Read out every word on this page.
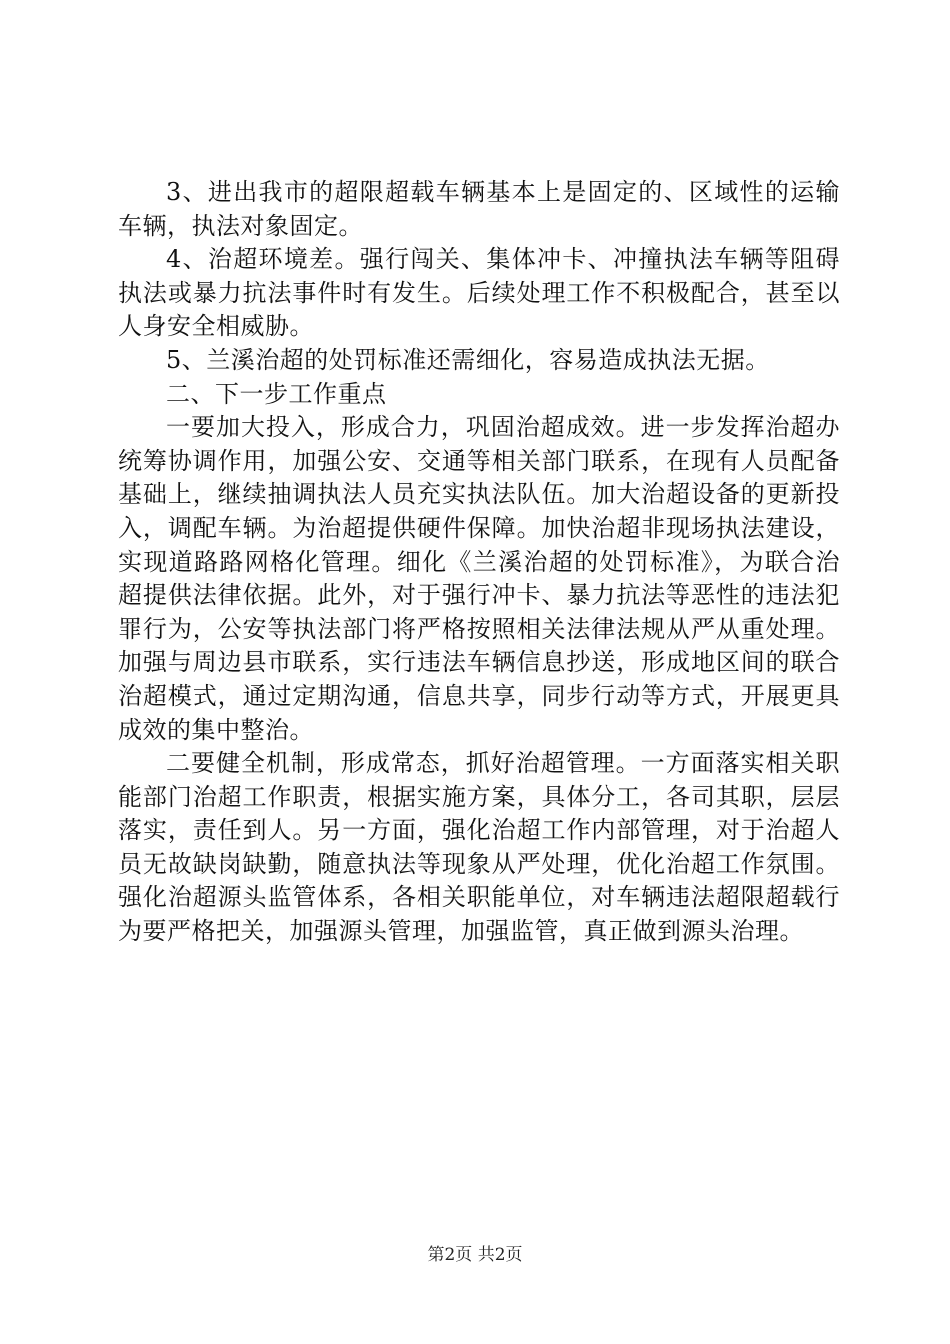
3、进出我市的超限超载车辆基本上是固定的、区域性的运输车辆，执法对象固定。

4、治超环境差。强行闯关、集体冲卡、冲撞执法车辆等阻碍执法或暴力抗法事件时有发生。后续处理工作不积极配合，甚至以人身安全相威胁。

5、兰溪治超的处罚标准还需细化，容易造成执法无据。

二、下一步工作重点

一要加大投入，形成合力，巩固治超成效。进一步发挥治超办统筹协调作用，加强公安、交通等相关部门联系，在现有人员配备基础上，继续抽调执法人员充实执法队伍。加大治超设备的更新投入，调配车辆。为治超提供硬件保障。加快治超非现场执法建设，实现道路路网格化管理。细化《兰溪治超的处罚标准》，为联合治超提供法律依据。此外，对于强行冲卡、暴力抗法等恶性的违法犯罪行为，公安等执法部门将严格按照相关法律法规从严从重处理。加强与周边县市联系，实行违法车辆信息抄送，形成地区间的联合治超模式，通过定期沟通，信息共享，同步行动等方式，开展更具成效的集中整治。

二要健全机制，形成常态，抓好治超管理。一方面落实相关职能部门治超工作职责，根据实施方案，具体分工，各司其职，层层落实，责任到人。另一方面，强化治超工作内部管理，对于治超人员无故缺岗缺勤，随意执法等现象从严处理，优化治超工作氛围。强化治超源头监管体系，各相关职能单位，对车辆违法超限超载行为要严格把关，加强源头管理，加强监管，真正做到源头治理。

第2页 共2页
